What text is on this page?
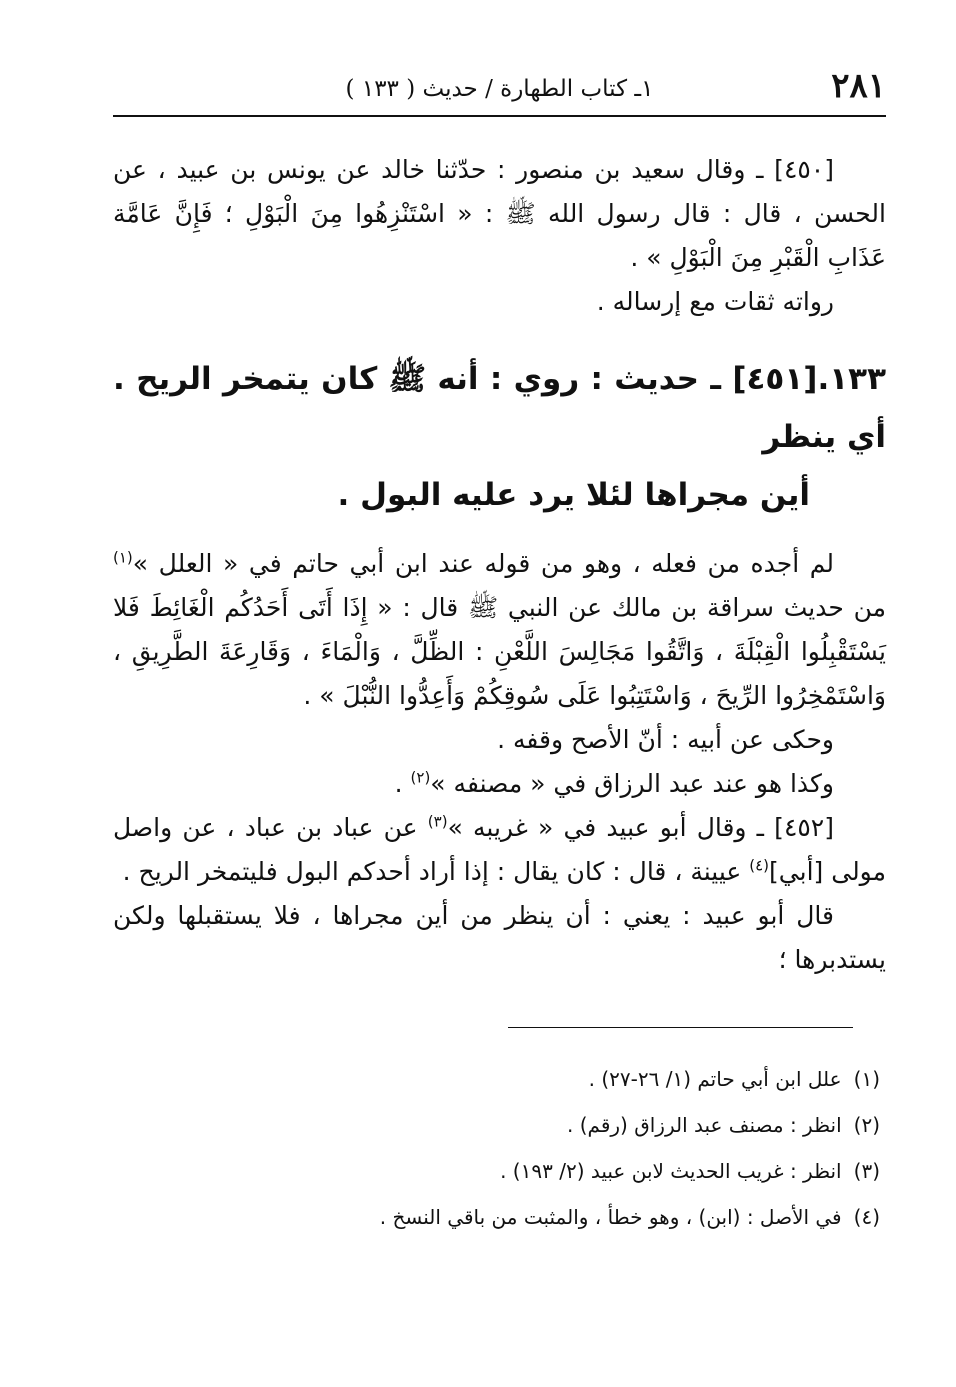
٢٨١
١ـ كتاب الطهارة / حديث ( ١٣٣ )

[٤٥٠] ـ وقال سعيد بن منصور : حدّثنا خالد عن يونس بن عبيد ، عن الحسن ، قال : قال رسول الله ﷺ : « اسْتَنْزِهُوا مِنَ الْبَوْلِ ؛ فَإِنَّ عَامَّة عَذَابِ الْقَبْرِ مِنَ الْبَوْلِ » .

رواته ثقات مع إرساله .

١٣٣.[٤٥١] ـ حديث : روي : أنه ﷺ كان يتمخر الريح . أي ينظر
أين مجراها لئلا يرد عليه البول .

لم أجده من فعله ، وهو من قوله عند ابن أبي حاتم في « العلل »$^{(١)}$ من حديث سراقة بن مالك عن النبي ﷺ قال : « إِذَا أَتَى أَحَدُكُم الْغَائِطَ فَلا يَسْتَقْبِلُوا الْقِبْلَةَ ، وَاتَّقُوا مَجَالِسَ اللَّعْنِ : الظِّلَّ ، وَالْمَاءَ ، وَقَارِعَةَ الطَّرِيقِ ، وَاسْتَمْخِرُوا الرِّيحَ ، وَاسْتَتِبُوا عَلَى سُوقِكُمْ وَأَعِدُّوا النُّبْلَ » .

وحكى عن أبيه : أنّ الأصح وقفه .

وكذا هو عند عبد الرزاق في « مصنفه »$^{(٢)}$ .

[٤٥٢] ـ وقال أبو عبيد في « غريبه »$^{(٣)}$ عن عباد بن عباد ، عن واصل مولى [أبي]$^{(٤)}$ عيينة ، قال : كان يقال : إذا أراد أحدكم البول فليتمخر الريح .

قال أبو عبيد : يعني : أن ينظر من أين مجراها ، فلا يستقبلها ولكن يستدبرها ؛

(١)علل ابن أبي حاتم (١/ ٢٦-٢٧) .

(٢)انظر : مصنف عبد الرزاق (رقم) .

(٣)انظر : غريب الحديث لابن عبيد (٢/ ١٩٣) .

(٤)في الأصل : (ابن) ، وهو خطأ ، والمثبت من باقي النسخ .
